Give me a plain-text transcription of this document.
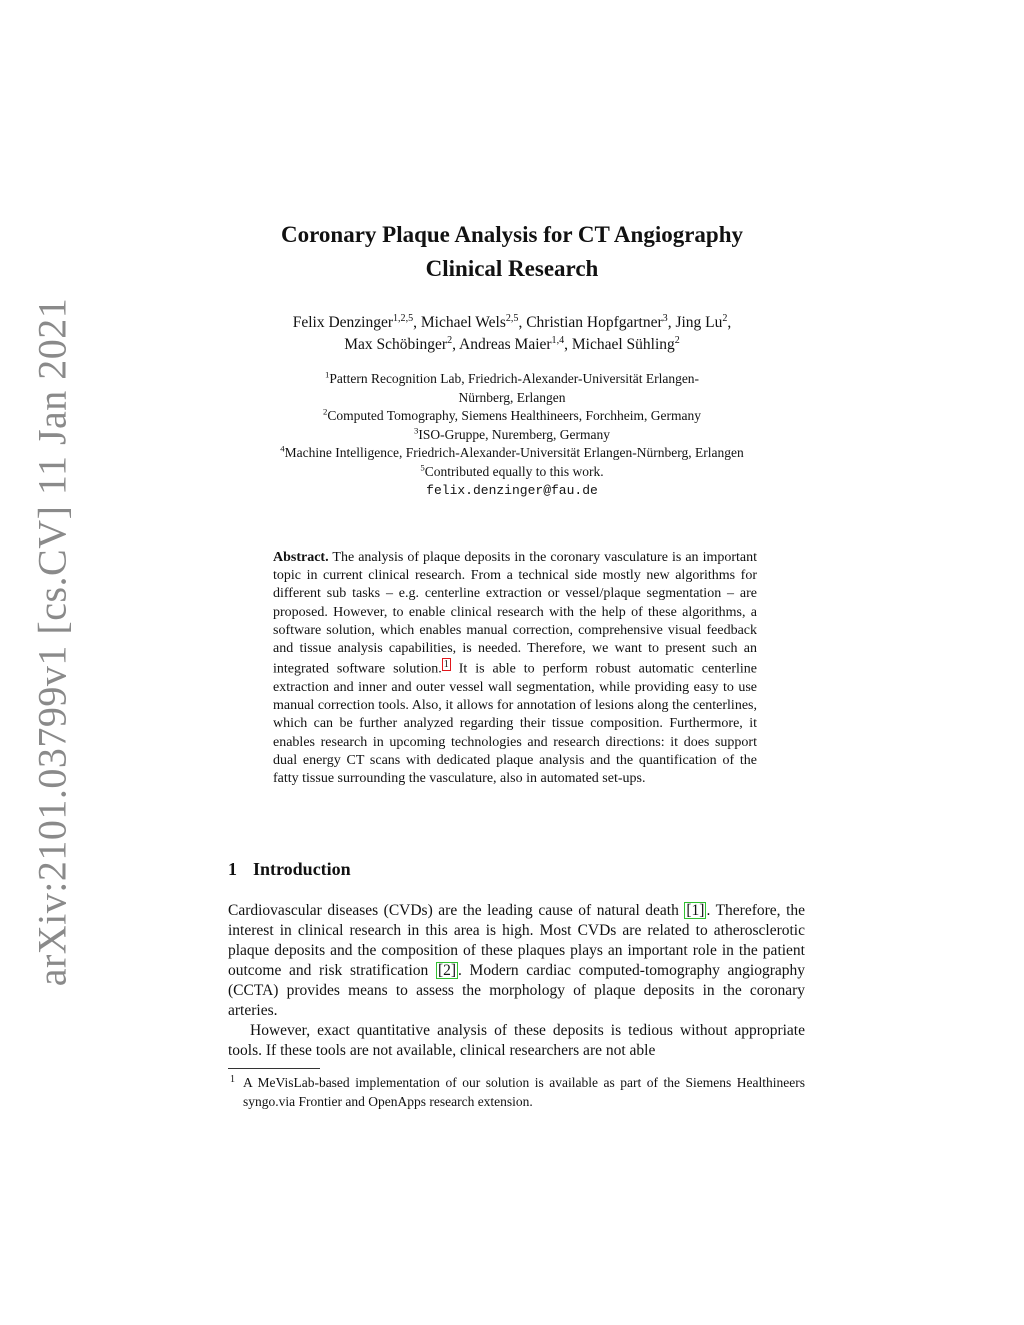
arXiv:2101.03799v1 [cs.CV] 11 Jan 2021
Coronary Plaque Analysis for CT Angiography
Clinical Research
Felix Denzinger$^{1,2,5}$, Michael Wels$^{2,5}$, Christian Hopfgartner$^3$, Jing Lu$^2$,
Max Schöbinger$^2$, Andreas Maier$^{1,4}$, Michael Sühling$^2$
$^1$Pattern Recognition Lab, Friedrich-Alexander-Universität Erlangen-
Nürnberg, Erlangen
$^2$Computed Tomography, Siemens Healthineers, Forchheim, Germany
$^3$ISO-Gruppe, Nuremberg, Germany
$^4$Machine Intelligence, Friedrich-Alexander-Universität Erlangen-Nürnberg, Erlangen
$^5$Contributed equally to this work.
felix.denzinger@fau.de
Abstract. The analysis of plaque deposits in the coronary vasculature is an important topic in current clinical research. From a technical side mostly new algorithms for different sub tasks – e.g. centerline extraction or vessel/plaque segmentation – are proposed. However, to enable clinical research with the help of these algorithms, a software solution, which enables manual correction, comprehensive visual feedback and tissue analysis capabilities, is needed. Therefore, we want to present such an integrated software solution. 1 It is able to perform robust automatic centerline extraction and inner and outer vessel wall segmentation, while providing easy to use manual correction tools. Also, it allows for annotation of lesions along the centerlines, which can be further analyzed regarding their tissue composition. Furthermore, it enables research in upcoming technologies and research directions: it does support dual energy CT scans with dedicated plaque analysis and the quantification of the fatty tissue surrounding the vasculature, also in automated set-ups.
1 Introduction

Cardiovascular diseases (CVDs) are the leading cause of natural death [1] . Therefore, the interest in clinical research in this area is high. Most CVDs are related to atherosclerotic plaque deposits and the composition of these plaques plays an important role in the patient outcome and risk stratification [2] . Modern cardiac computed-tomography angiography (CCTA) provides means to assess the morphology of plaque deposits in the coronary arteries.

However, exact quantitative analysis of these deposits is tedious without appropriate tools. If these tools are not available, clinical researchers are not able

1 A MeVisLab-based implementation of our solution is available as part of the Siemens Healthineers syngo.via Frontier and OpenApps research extension.
